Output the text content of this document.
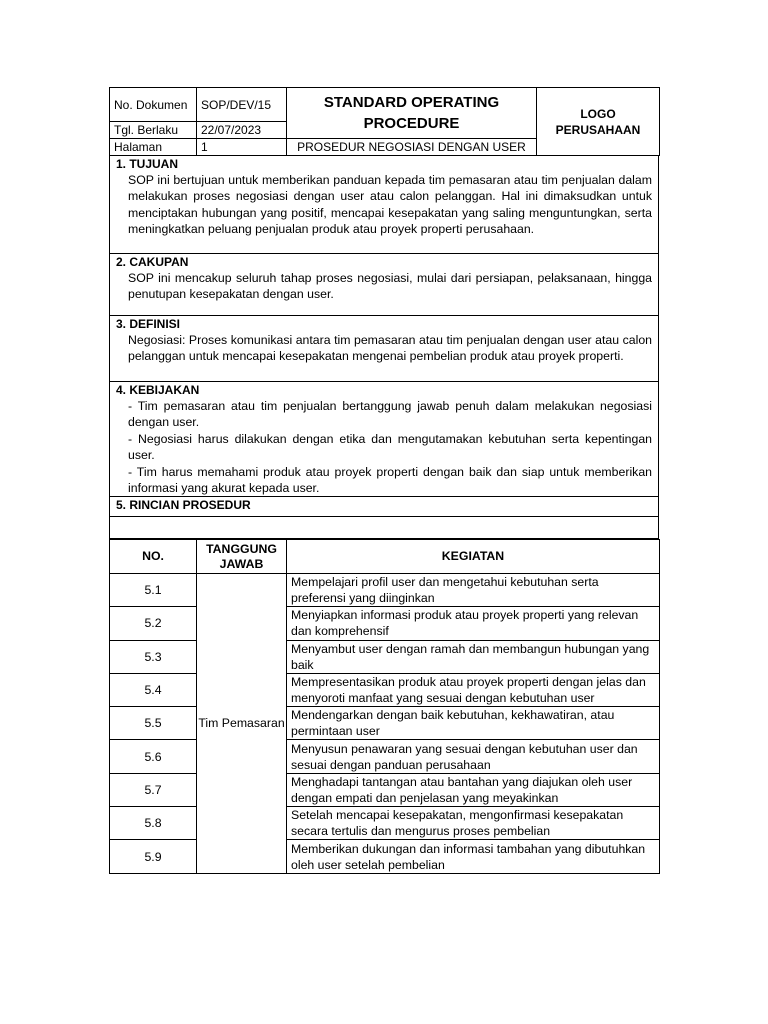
No. Dokumen	SOP/DEV/15	STANDARD OPERATING PROCEDURE	LOGO PERUSAHAAN
Tgl. Berlaku	22/07/2023		
Halaman	1	PROSEDUR NEGOSIASI DENGAN USER	
1. TUJUAN
SOP ini bertujuan untuk memberikan panduan kepada tim pemasaran atau tim penjualan dalam melakukan proses negosiasi dengan user atau calon pelanggan. Hal ini dimaksudkan untuk menciptakan hubungan yang positif, mencapai kesepakatan yang saling menguntungkan, serta meningkatkan peluang penjualan produk atau proyek properti perusahaan.
2. CAKUPAN
SOP ini mencakup seluruh tahap proses negosiasi, mulai dari persiapan, pelaksanaan, hingga penutupan kesepakatan dengan user.
3. DEFINISI
Negosiasi: Proses komunikasi antara tim pemasaran atau tim penjualan dengan user atau calon pelanggan untuk mencapai kesepakatan mengenai pembelian produk atau proyek properti.
4. KEBIJAKAN

- Tim pemasaran atau tim penjualan bertanggung jawab penuh dalam melakukan negosiasi dengan user.

- Negosiasi harus dilakukan dengan etika dan mengutamakan kebutuhan serta kepentingan user.

- Tim harus memahami produk atau proyek properti dengan baik dan siap untuk memberikan informasi yang akurat kepada user.

5. RINCIAN PROSEDUR
NO.	TANGGUNG JAWAB	KEGIATAN
5.1	Tim Pemasaran	Mempelajari profil user dan mengetahui kebutuhan serta preferensi yang diinginkan
5.2		Menyiapkan informasi produk atau proyek properti yang relevan dan komprehensif
5.3		Menyambut user dengan ramah dan membangun hubungan yang baik
5.4		Mempresentasikan produk atau proyek properti dengan jelas dan menyoroti manfaat yang sesuai dengan kebutuhan user
5.5		Mendengarkan dengan baik kebutuhan, kekhawatiran, atau permintaan user
5.6		Menyusun penawaran yang sesuai dengan kebutuhan user dan sesuai dengan panduan perusahaan
5.7		Menghadapi tantangan atau bantahan yang diajukan oleh user dengan empati dan penjelasan yang meyakinkan
5.8		Setelah mencapai kesepakatan, mengonfirmasi kesepakatan secara tertulis dan mengurus proses pembelian
5.9		Memberikan dukungan dan informasi tambahan yang dibutuhkan oleh user setelah pembelian
